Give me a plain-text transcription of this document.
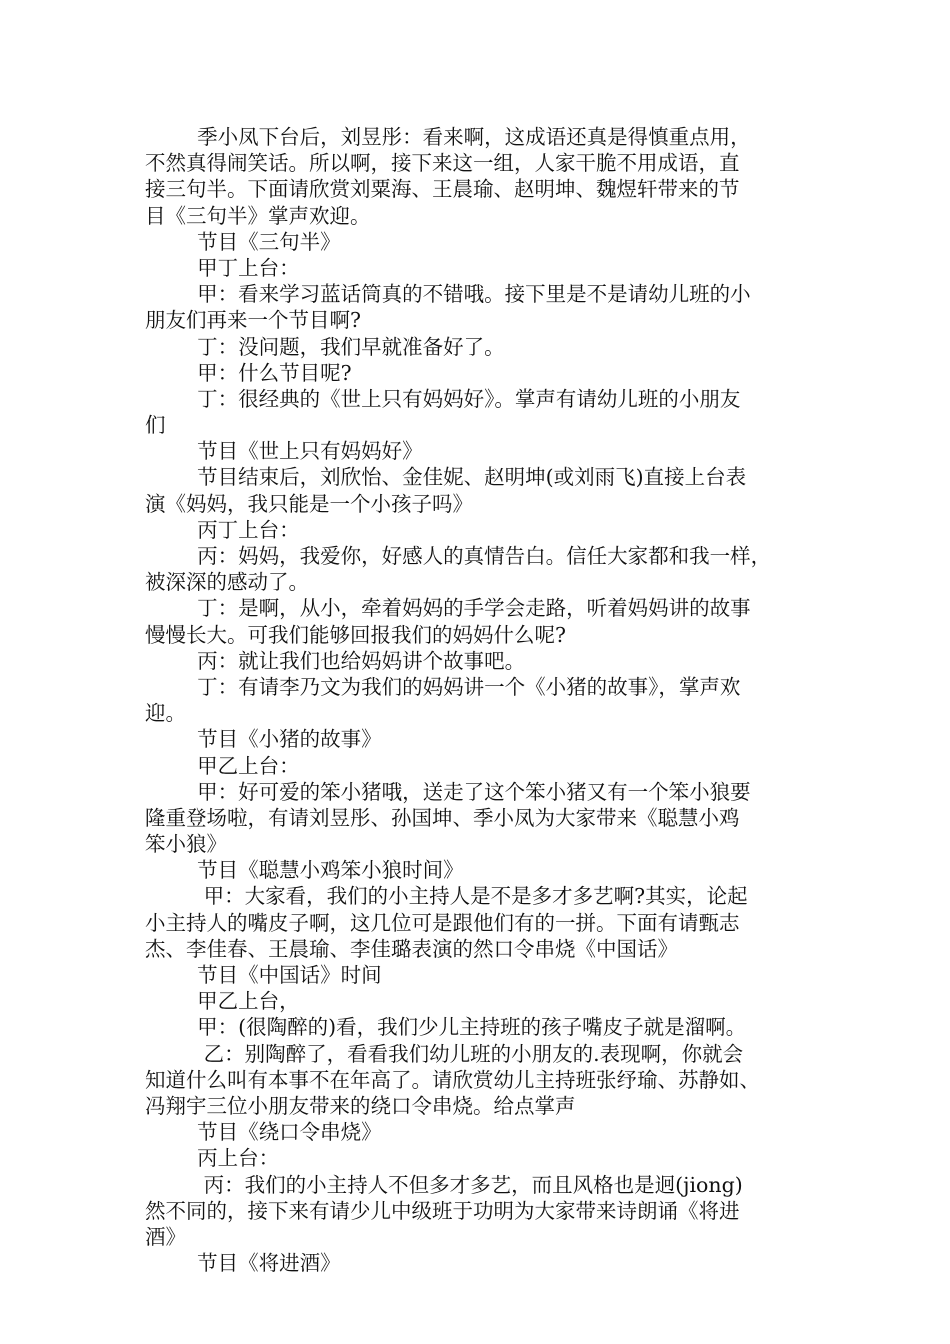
季小凤下台后，刘昱彤：看来啊，这成语还真是得慎重点用，
不然真得闹笑话。所以啊，接下来这一组，人家干脆不用成语，直
接三句半。下面请欣赏刘粟海、王晨瑜、赵明坤、魏煜轩带来的节
目《三句半》掌声欢迎。
节目《三句半》
甲丁上台：
甲：看来学习蓝话筒真的不错哦。接下里是不是请幼儿班的小
朋友们再来一个节目啊?
丁：没问题，我们早就准备好了。
甲：什么节目呢?
丁：很经典的《世上只有妈妈好》。掌声有请幼儿班的小朋友
们
节目《世上只有妈妈好》
节目结束后，刘欣怡、金佳妮、赵明坤(或刘雨飞)直接上台表
演《妈妈，我只能是一个小孩子吗》
丙丁上台：
丙：妈妈，我爱你，好感人的真情告白。信任大家都和我一样，
被深深的感动了。
丁：是啊，从小，牵着妈妈的手学会走路，听着妈妈讲的故事
慢慢长大。可我们能够回报我们的妈妈什么呢?
丙：就让我们也给妈妈讲个故事吧。
丁：有请李乃文为我们的妈妈讲一个《小猪的故事》，掌声欢
迎。
节目《小猪的故事》
甲乙上台：
甲：好可爱的笨小猪哦，送走了这个笨小猪又有一个笨小狼要
隆重登场啦，有请刘昱彤、孙国坤、季小凤为大家带来《聪慧小鸡
笨小狼》
节目《聪慧小鸡笨小狼时间》
甲：大家看，我们的小主持人是不是多才多艺啊?其实，论起
小主持人的嘴皮子啊，这几位可是跟他们有的一拼。下面有请甄志
杰、李佳春、王晨瑜、李佳璐表演的然口令串烧《中国话》
节目《中国话》时间
甲乙上台，
甲：(很陶醉的)看，我们少儿主持班的孩子嘴皮子就是溜啊。
乙：别陶醉了，看看我们幼儿班的小朋友的.表现啊，你就会
知道什么叫有本事不在年高了。请欣赏幼儿主持班张纾瑜、苏静如、
冯翔宇三位小朋友带来的绕口令串烧。给点掌声
节目《绕口令串烧》
丙上台：
丙：我们的小主持人不但多才多艺，而且风格也是迥(jiong)
然不同的，接下来有请少儿中级班于功明为大家带来诗朗诵《将进
酒》
节目《将进酒》
